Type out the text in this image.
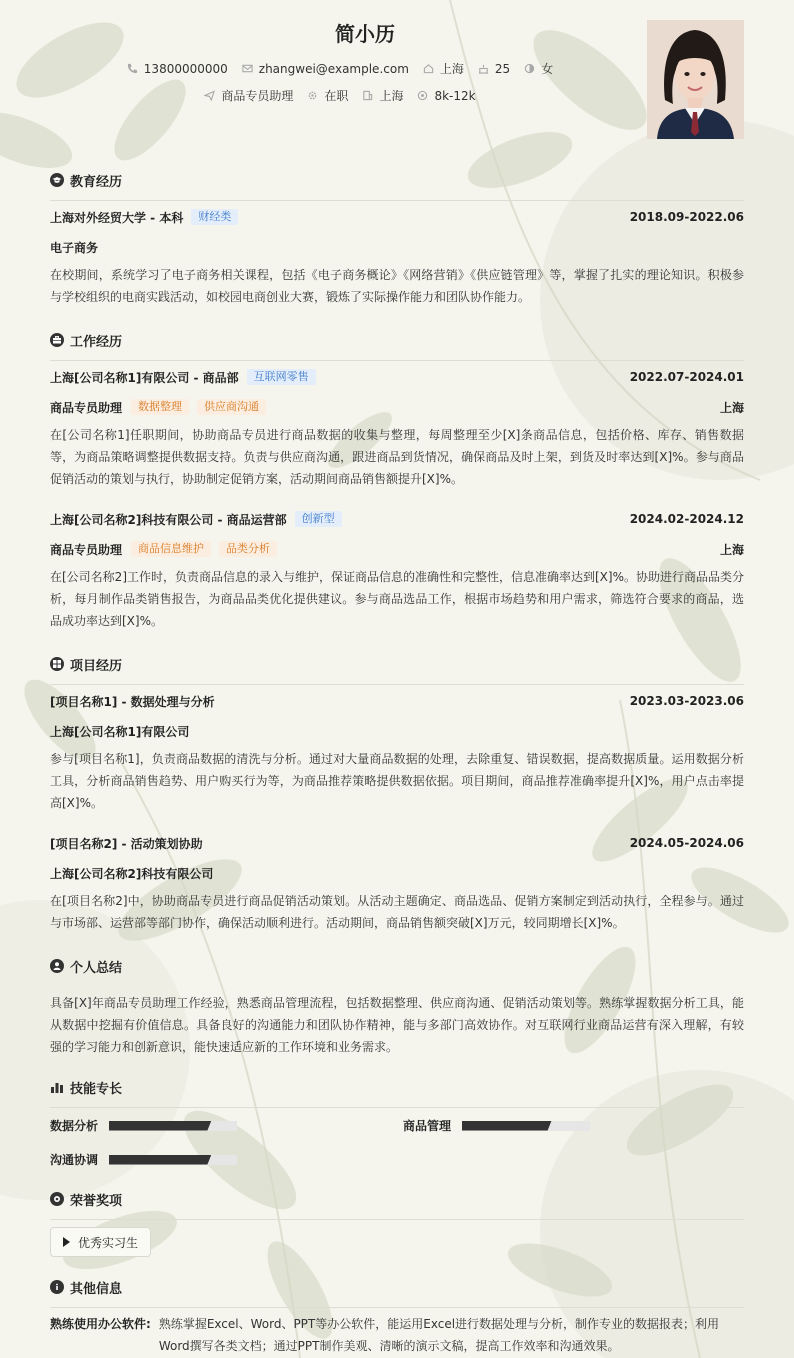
简小历
13800000000	zhangwei@example.com	上海	25	女
商品专员助理	在职	上海	8k-12k
教育经历
上海对外经贸大学 - 本科	财经类	2018.09-2022.06
电子商务
在校期间，系统学习了电子商务相关课程，包括《电子商务概论》《网络营销》《供应链管理》等，掌握了扎实的理论知识。积极参与学校组织的电商实践活动，如校园电商创业大赛，锻炼了实际操作能力和团队协作能力。
工作经历
上海[公司名称1]有限公司 - 商品部	互联网零售	2022.07-2024.01
商品专员助理	数据整理	供应商沟通	上海
在[公司名称1]任职期间，协助商品专员进行商品数据的收集与整理，每周整理至少[X]条商品信息，包括价格、库存、销售数据等，为商品策略调整提供数据支持。负责与供应商沟通，跟进商品到货情况，确保商品及时上架，到货及时率达到[X]%。参与商品促销活动的策划与执行，协助制定促销方案，活动期间商品销售额提升[X]%。
上海[公司名称2]科技有限公司 - 商品运营部	创新型	2024.02-2024.12
商品专员助理	商品信息维护	品类分析	上海
在[公司名称2]工作时，负责商品信息的录入与维护，保证商品信息的准确性和完整性，信息准确率达到[X]%。协助进行商品品类分析，每月制作品类销售报告，为商品品类优化提供建议。参与商品选品工作，根据市场趋势和用户需求，筛选符合要求的商品，选品成功率达到[X]%。
项目经历
[项目名称1] - 数据处理与分析	2023.03-2023.06
上海[公司名称1]有限公司
参与[项目名称1]，负责商品数据的清洗与分析。通过对大量商品数据的处理，去除重复、错误数据，提高数据质量。运用数据分析工具，分析商品销售趋势、用户购买行为等，为商品推荐策略提供数据依据。项目期间，商品推荐准确率提升[X]%，用户点击率提高[X]%。
[项目名称2] - 活动策划协助	2024.05-2024.06
上海[公司名称2]科技有限公司
在[项目名称2]中，协助商品专员进行商品促销活动策划。从活动主题确定、商品选品、促销方案制定到活动执行，全程参与。通过与市场部、运营部等部门协作，确保活动顺利进行。活动期间，商品销售额突破[X]万元，较同期增长[X]%。
个人总结
具备[X]年商品专员助理工作经验，熟悉商品管理流程，包括数据整理、供应商沟通、促销活动策划等。熟练掌握数据分析工具，能从数据中挖掘有价值信息。具备良好的沟通能力和团队协作精神，能与多部门高效协作。对互联网行业商品运营有深入理解，有较强的学习能力和创新意识，能快速适应新的工作环境和业务需求。
技能专长
数据分析	商品管理
沟通协调
荣誉奖项
优秀实习生
其他信息
熟练使用办公软件: 熟练掌握Excel、Word、PPT等办公软件，能运用Excel进行数据处理与分析，制作专业的数据报表；利用Word撰写各类文档；通过PPT制作美观、清晰的演示文稿，提高工作效率和沟通效果。
